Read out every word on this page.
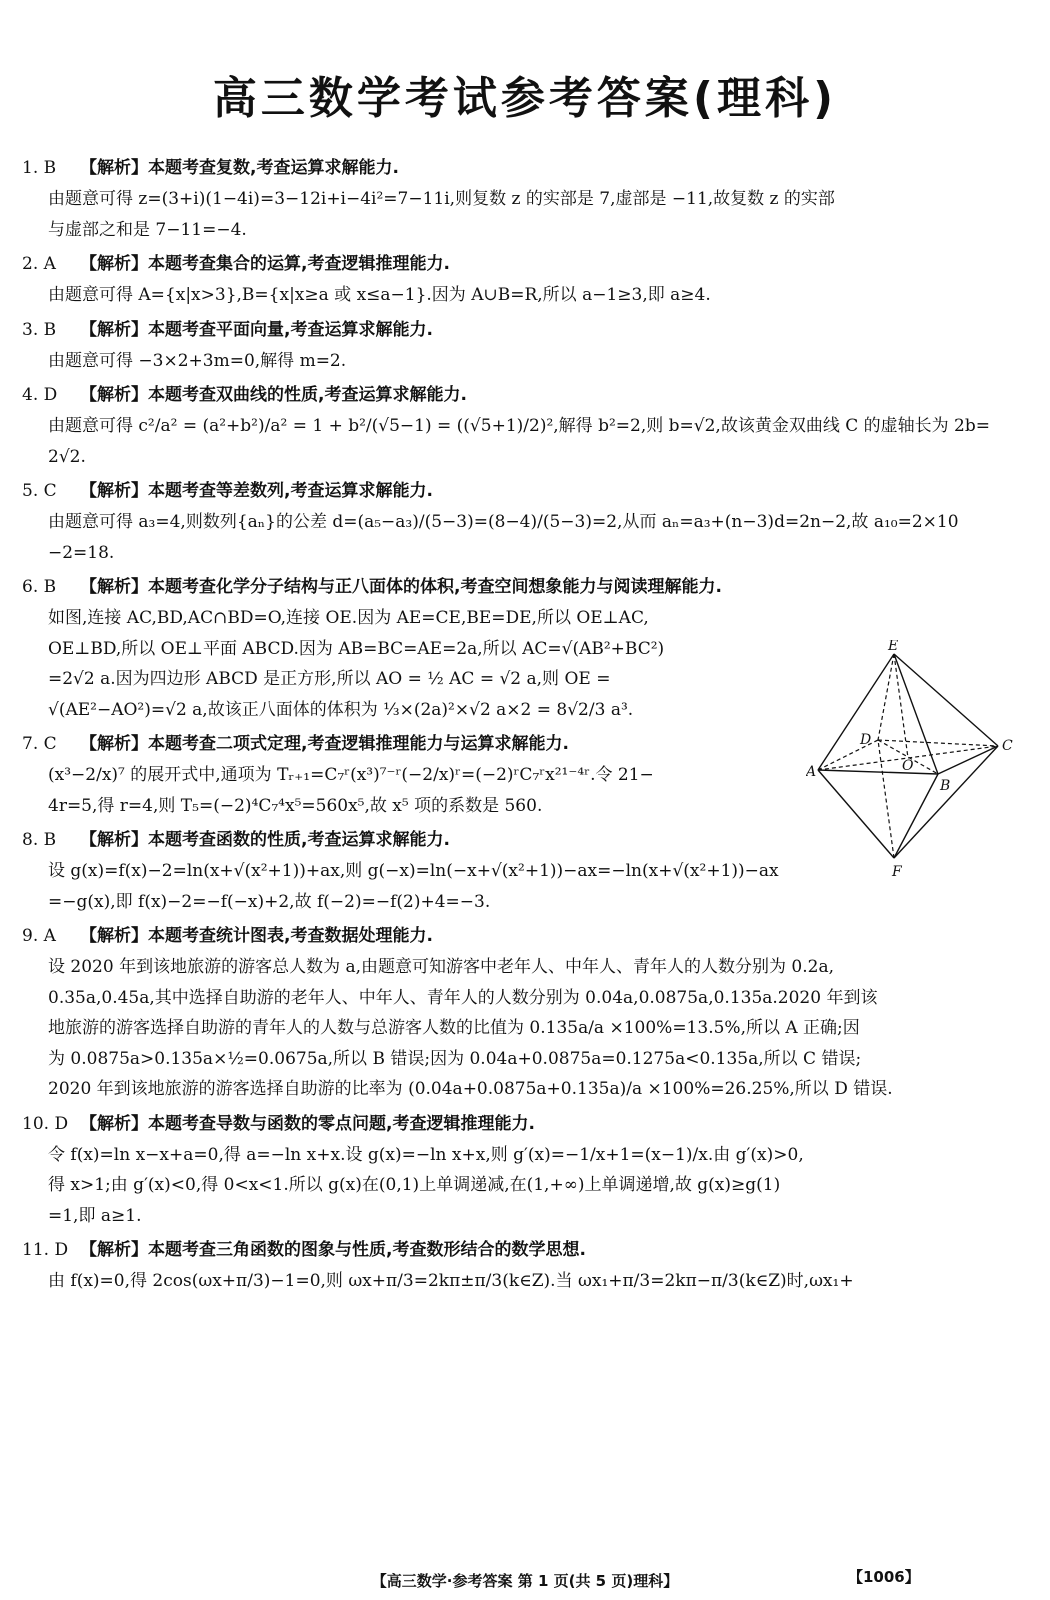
高三数学考试参考答案(理科)
1. B 【解析】本题考查复数,考查运算求解能力.

由题意可得 z=(3+i)(1−4i)=3−12i+i−4i²=7−11i,则复数 z 的实部是 7,虚部是 −11,故复数 z 的实部

与虚部之和是 7−11=−4.

2. A 【解析】本题考查集合的运算,考查逻辑推理能力.

由题意可得 A={x|x>3},B={x|x≥a 或 x≤a−1}.因为 A∪B=R,所以 a−1≥3,即 a≥4.

3. B 【解析】本题考查平面向量,考查运算求解能力.

由题意可得 −3×2+3m=0,解得 m=2.

4. D 【解析】本题考查双曲线的性质,考查运算求解能力.

由题意可得 c²/a² = (a²+b²)/a² = 1 + b²/(√5−1) = ((√5+1)/2)²,解得 b²=2,则 b=√2,故该黄金双曲线 C 的虚轴长为 2b=

2√2.

5. C 【解析】本题考查等差数列,考查运算求解能力.

由题意可得 a₃=4,则数列{aₙ}的公差 d=(a₅−a₃)/(5−3)=(8−4)/(5−3)=2,从而 aₙ=a₃+(n−3)d=2n−2,故 a₁₀=2×10

−2=18.

6. B 【解析】本题考查化学分子结构与正八面体的体积,考查空间想象能力与阅读理解能力.

如图,连接 AC,BD,AC∩BD=O,连接 OE.因为 AE=CE,BE=DE,所以 OE⊥AC,

OE⊥BD,所以 OE⊥平面 ABCD.因为 AB=BC=AE=2a,所以 AC=√(AB²+BC²)

=2√2 a.因为四边形 ABCD 是正方形,所以 AO = ½ AC = √2 a,则 OE =

√(AE²−AO²)=√2 a,故该正八面体的体积为 ⅓×(2a)²×√2 a×2 = 8√2/3 a³.

7. C 【解析】本题考查二项式定理,考查逻辑推理能力与运算求解能力.

(x³−2/x)⁷ 的展开式中,通项为 Tᵣ₊₁=C₇ʳ(x³)⁷⁻ʳ(−2/x)ʳ=(−2)ʳC₇ʳx²¹⁻⁴ʳ.令 21−

4r=5,得 r=4,则 T₅=(−2)⁴C₇⁴x⁵=560x⁵,故 x⁵ 项的系数是 560.

8. B 【解析】本题考查函数的性质,考查运算求解能力.

设 g(x)=f(x)−2=ln(x+√(x²+1))+ax,则 g(−x)=ln(−x+√(x²+1))−ax=−ln(x+√(x²+1))−ax

=−g(x),即 f(x)−2=−f(−x)+2,故 f(−2)=−f(2)+4=−3.

9. A 【解析】本题考查统计图表,考查数据处理能力.

设 2020 年到该地旅游的游客总人数为 a,由题意可知游客中老年人、中年人、青年人的人数分别为 0.2a,

0.35a,0.45a,其中选择自助游的老年人、中年人、青年人的人数分别为 0.04a,0.0875a,0.135a.2020 年到该

地旅游的游客选择自助游的青年人的人数与总游客人数的比值为 0.135a/a ×100%=13.5%,所以 A 正确;因

为 0.0875a>0.135a×½=0.0675a,所以 B 错误;因为 0.04a+0.0875a=0.1275a<0.135a,所以 C 错误;

2020 年到该地旅游的游客选择自助游的比率为 (0.04a+0.0875a+0.135a)/a ×100%=26.25%,所以 D 错误.

10. D 【解析】本题考查导数与函数的零点问题,考查逻辑推理能力.

令 f(x)=ln x−x+a=0,得 a=−ln x+x.设 g(x)=−ln x+x,则 g′(x)=−1/x+1=(x−1)/x.由 g′(x)>0,

得 x>1;由 g′(x)<0,得 0<x<1.所以 g(x)在(0,1)上单调递减,在(1,+∞)上单调递增,故 g(x)≥g(1)

=1,即 a≥1.

11. D 【解析】本题考查三角函数的图象与性质,考查数形结合的数学思想.

由 f(x)=0,得 2cos(ωx+π/3)−1=0,则 ωx+π/3=2kπ±π/3(k∈Z).当 ωx₁+π/3=2kπ−π/3(k∈Z)时,ωx₁+

E
D	C
A	O
B
F
【高三数学·参考答案 第 1 页(共 5 页)理科】	【1006】
